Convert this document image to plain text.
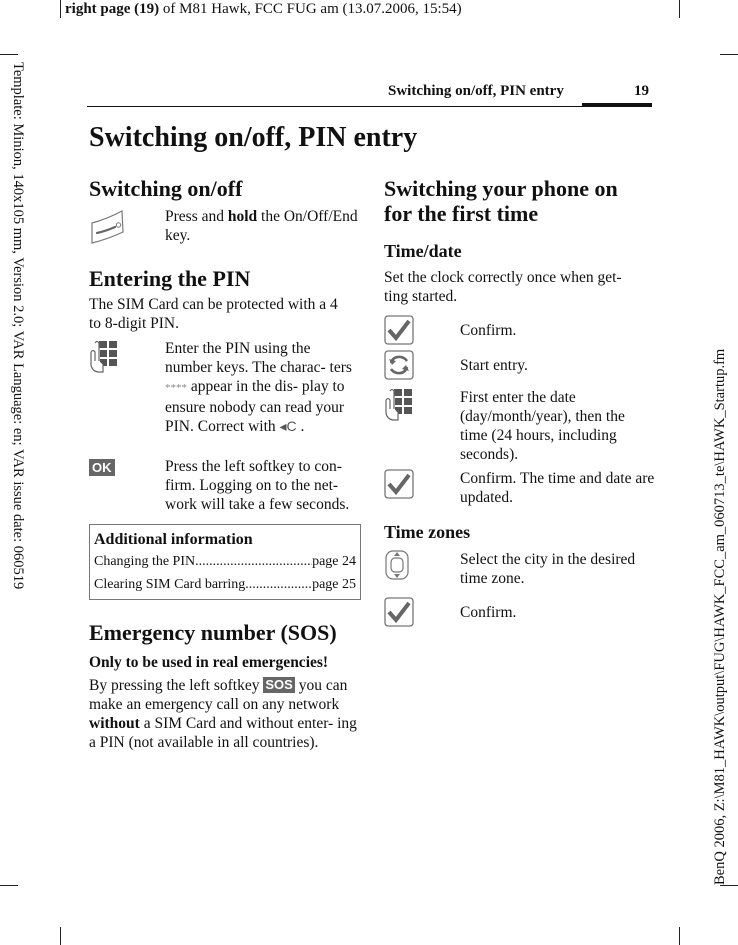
right page (19) of M81 Hawk, FCC FUG am (13.07.2006, 15:54)
Template: Minion, 140x105 mm, Version 2.0; VAR Language: en; VAR issue date: 060519
BenQ 2006, Z:\M81_HAWK\output\FUG\HAWK_FCC_am_060713_te\HAWK_Startup.fm
Switching on/off, PIN entry	19
Switching on/off, PIN entry
Switching on/off
Press and hold the On/Off/End key.
Entering the PIN

The SIM Card can be protected with a 4 to 8-digit PIN.

Enter the PIN using the number keys. The charac- ters **** appear in the dis- play to ensure nobody can read your PIN. Correct with ◂C .
OK	Press the left softkey to con- firm. Logging on to the net- work will take a few seconds.
Additional information
Changing the PIN .....	page 24
Clearing SIM Card barring .....	page 25
Emergency number (SOS)

Only to be used in real emergencies!

By pressing the left softkey SOS you can make an emergency call on any network without a SIM Card and without enter- ing a PIN (not available in all countries).

Switching your phone on for the first time
Time/date

Set the clock correctly once when get- ting started.

Confirm.
Start entry.
First enter the date (day/month/year), then the time (24 hours, including seconds).
Confirm. The time and date are updated.
Time zones
Select the city in the desired time zone.
Confirm.
